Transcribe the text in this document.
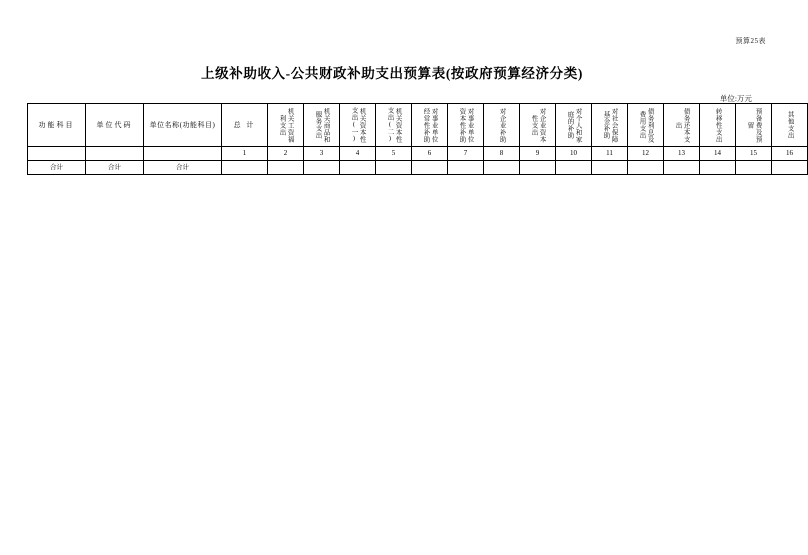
预算25表
上级补助收入-公共财政补助支出预算表(按政府预算经济分类)
单位:万元
功能科目	单位代码	单位名称(功能科目)	总 计	机关工资福利支出	机关商品和服务支出	机关资本性支出(一)	机关资本性支出(二)	对事业单位经常性补助	对事业单位资本性补助	对企业补助	对企业资本性支出	对个人和家庭的补助	对社会保障基金补助	债务利息及费用支出	债务还本支出	转移性支出	预备费及预留	其他支出

			1	2	3	4	5	6	7	8	9	10	11	12	13	14	15	16
合计	合计	合计																
